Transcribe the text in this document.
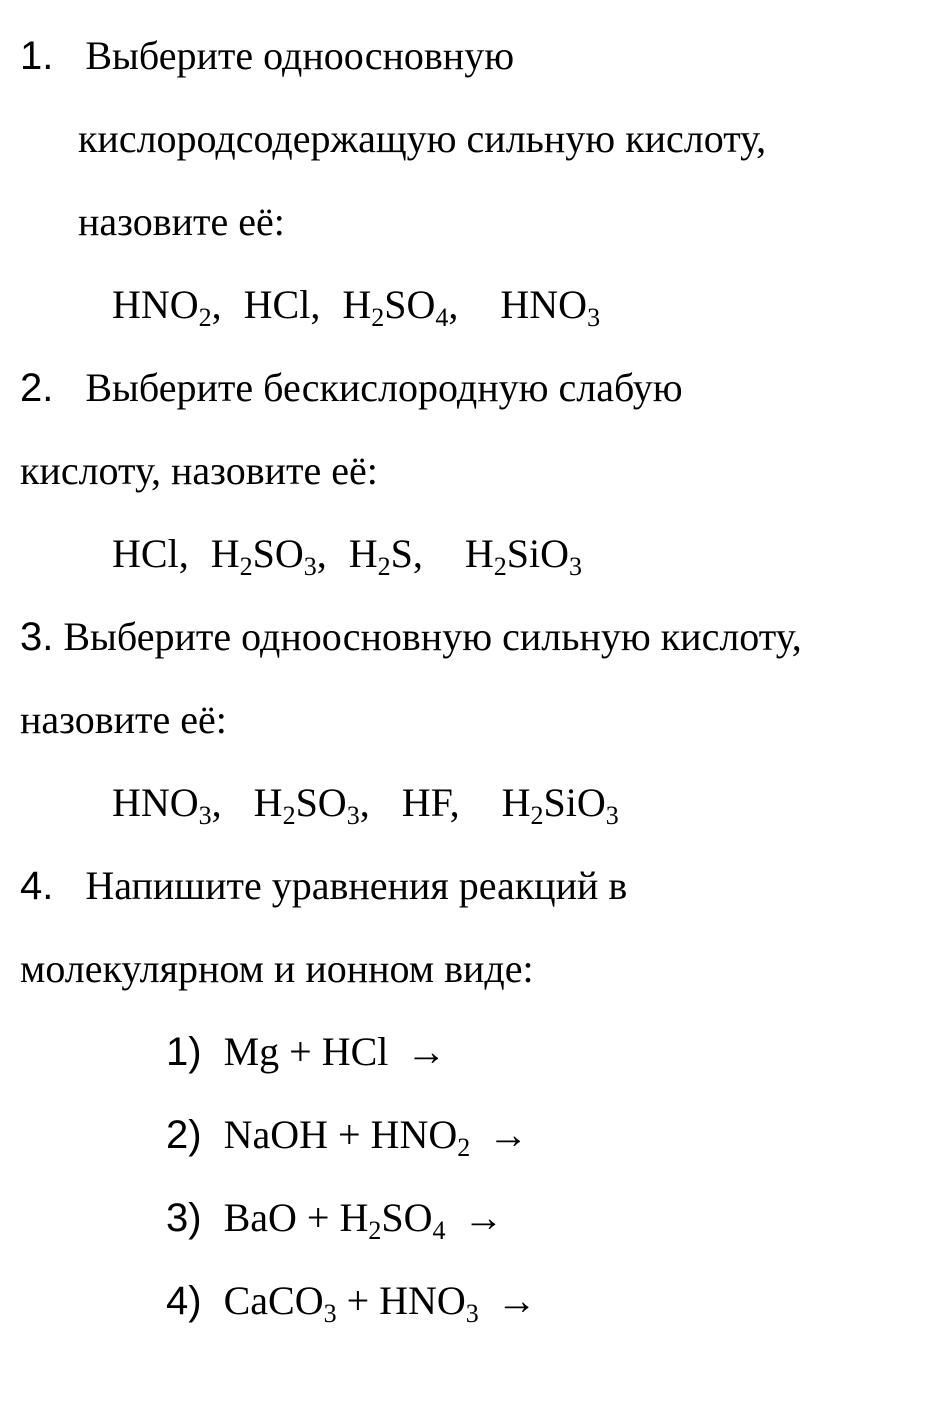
1. Выберите одноосновную
кислородсодержащую сильную кислоту,
назовите её:
$HNO_2$, HCl, $H_2SO_4$, $HNO_3$
2. Выберите бескислородную слабую
кислоту, назовите её:
HCl, $H_2SO_3$, $H_2S$, $H_2SiO_3$
3. Выберите одноосновную сильную кислоту,
назовите её:
$HNO_3$, $H_2SO_3$, HF, $H_2SiO_3$
4. Напишите уравнения реакций в
молекулярном и ионном виде:
1) Mg + HCl →
2) NaOH + $HNO_2$ →
3) BaO + $H_2SO_4$ →
4) CaCO$_3$ + $HNO_3$ →
